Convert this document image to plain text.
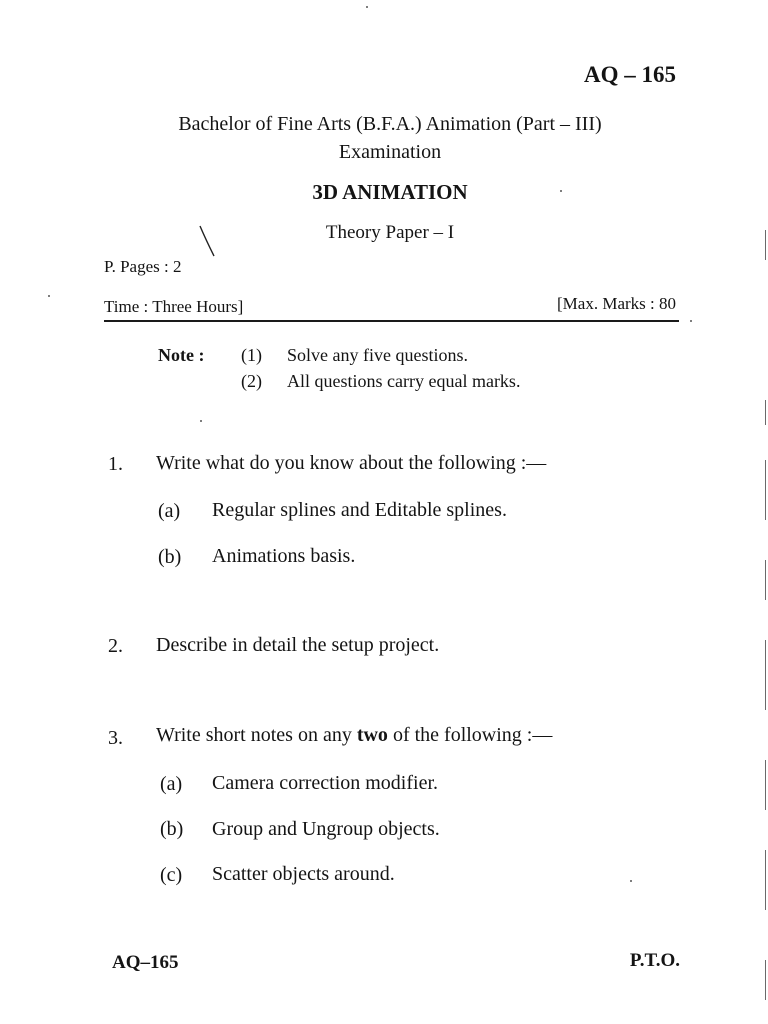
AQ – 165
Bachelor of Fine Arts (B.F.A.) Animation (Part – III)
Examination
3D ANIMATION
Theory Paper – I
P. Pages : 2
Time : Three Hours]	[Max. Marks : 80
Note : (1) Solve any five questions.
(2) All questions carry equal marks.
1. Write what do you know about the following :—
(a) Regular splines and Editable splines.
(b) Animations basis.
2. Describe in detail the setup project.
3. Write short notes on any two of the following :—
(a) Camera correction modifier.
(b) Group and Ungroup objects.
(c) Scatter objects around.
AQ–165	P.T.O.
